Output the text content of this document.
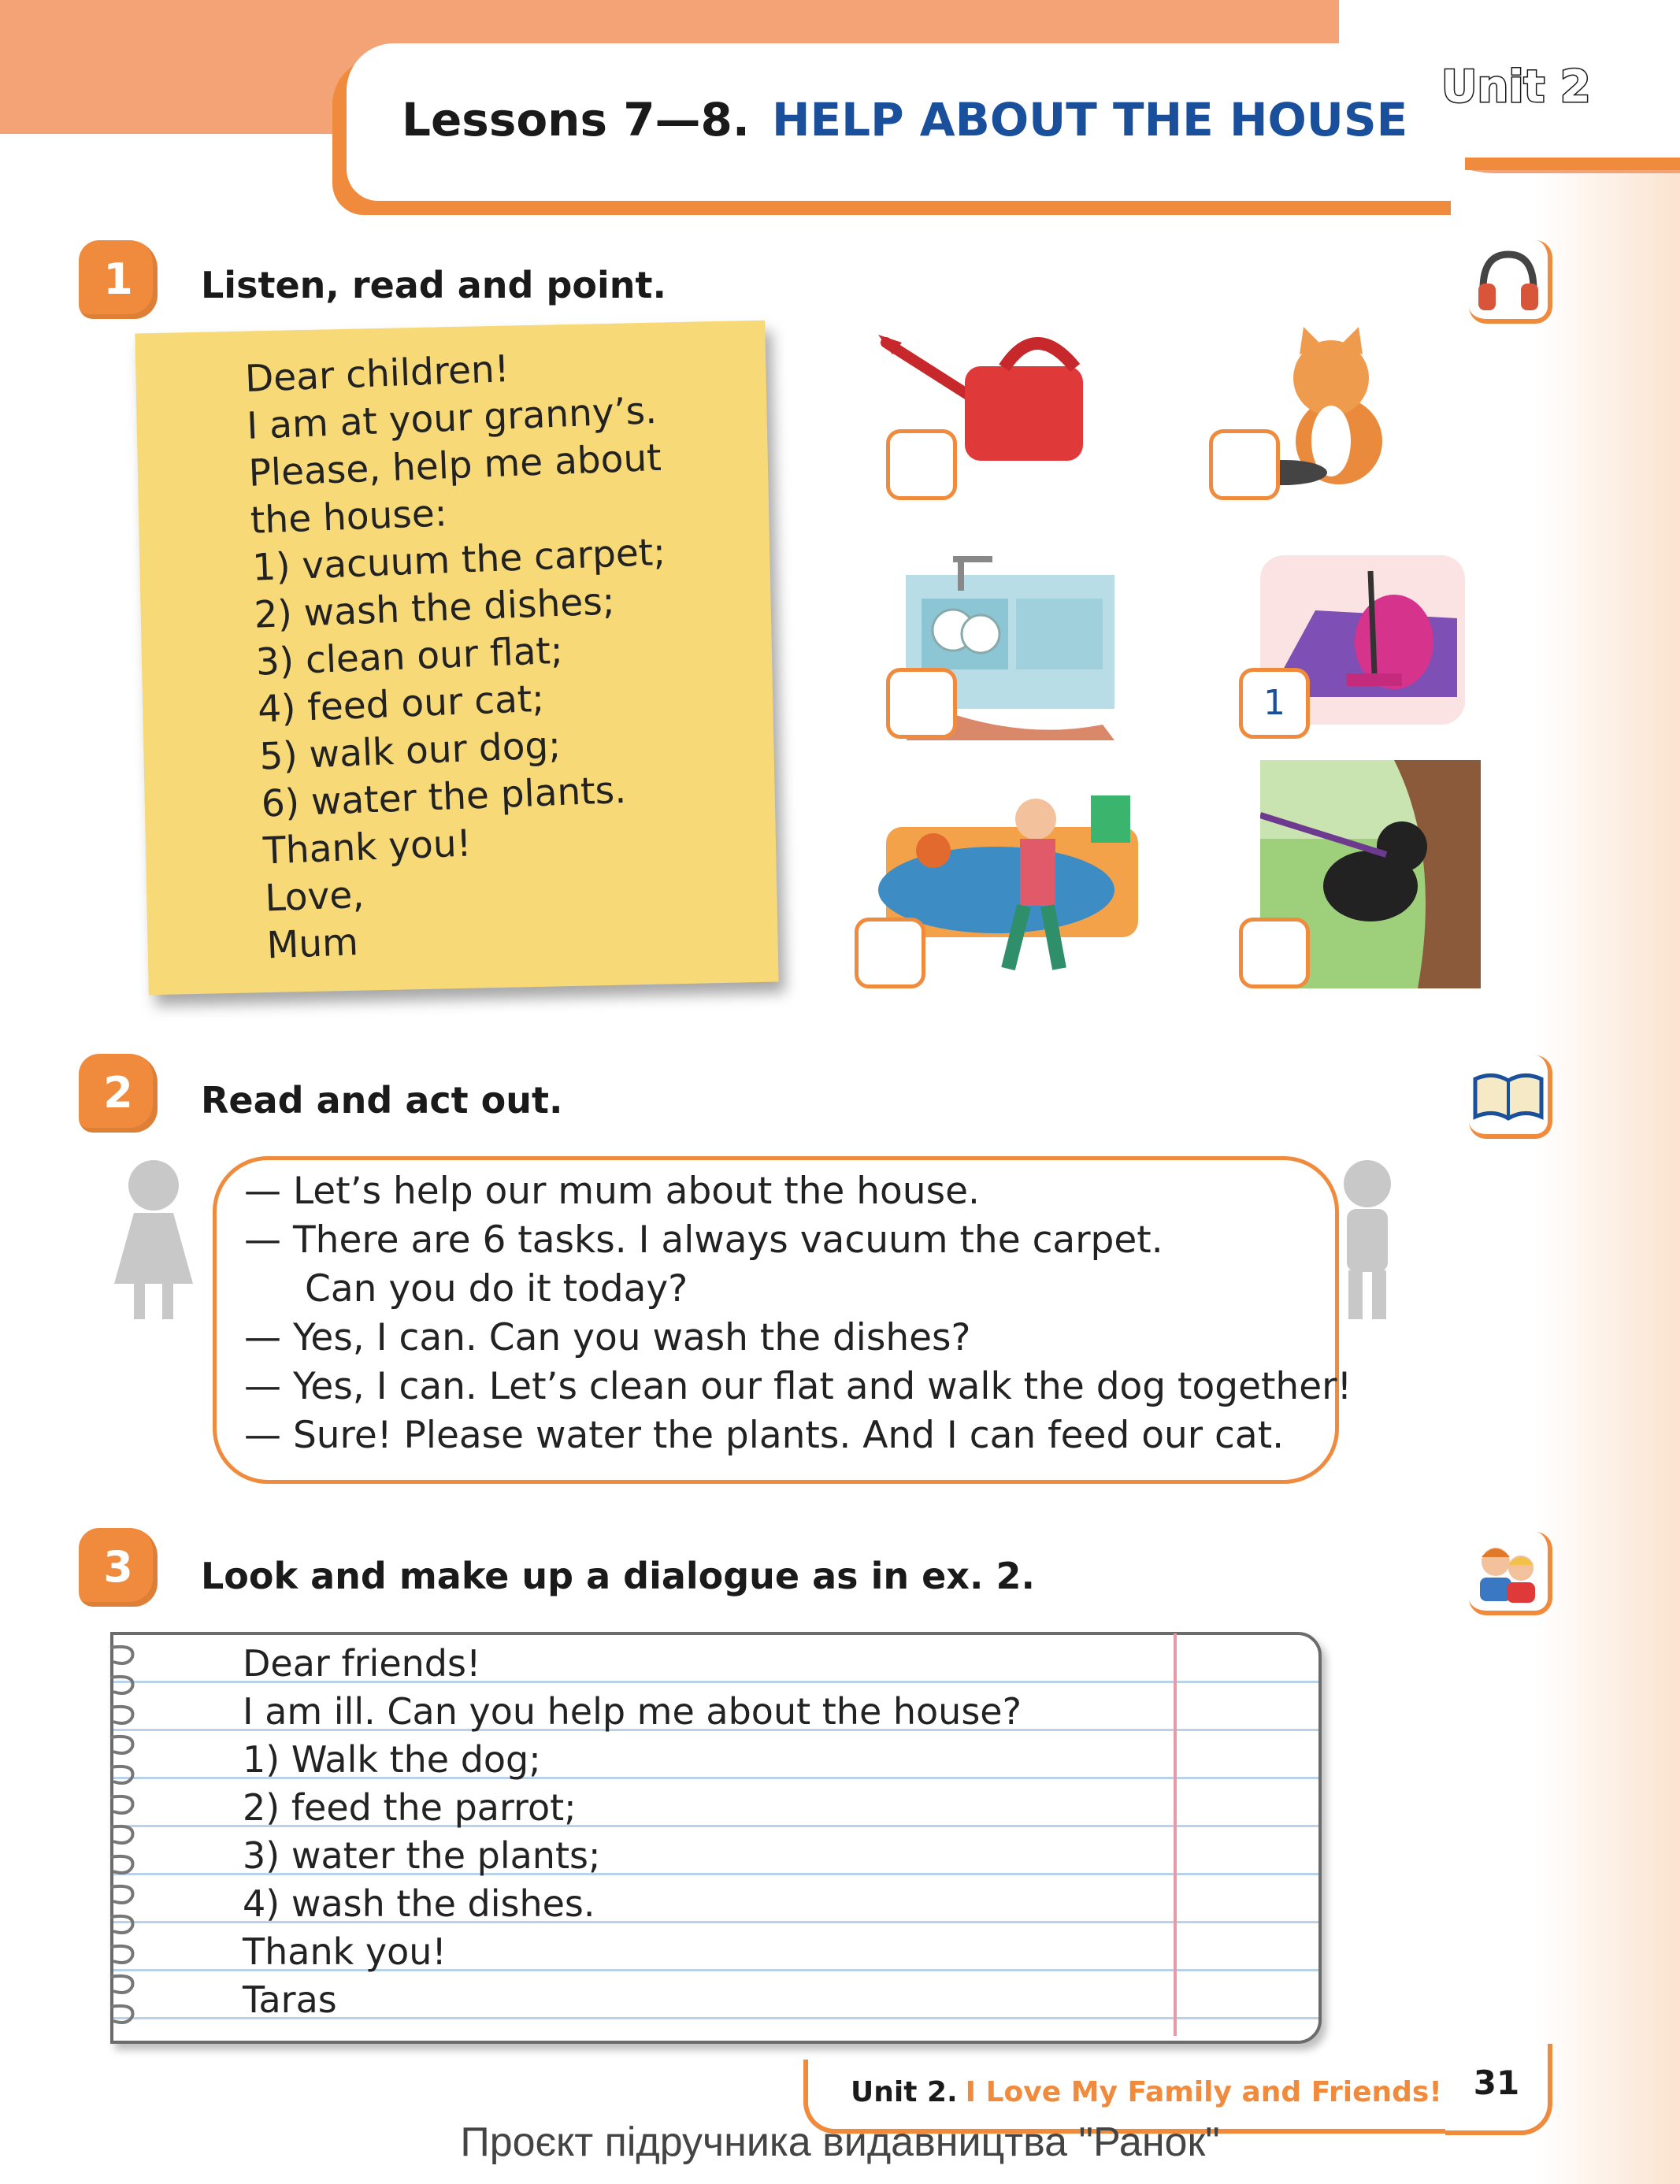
Lessons 7—8. HELP ABOUT THE HOUSE
Unit 2
1	Listen, read and point.
Dear children!
I am at your granny’s.
Please, help me about
the house:
1) vacuum the carpet;
2) wash the dishes;
3) clean our flat;
4) feed our cat;
5) walk our dog;
6) water the plants.
Thank you!
Love,
Mum
1
2	Read and act out.
— Let’s help our mum about the house.
— There are 6 tasks. I always vacuum the carpet.
Can you do it today?
— Yes, I can. Can you wash the dishes?
— Yes, I can. Let’s clean our flat and walk the dog together!
— Sure! Please water the plants. And I can feed our cat.
3	Look and make up a dialogue as in ex. 2.
Dear friends!
I am ill. Can you help me about the house?
1) Walk the dog;
2) feed the parrot;
3) water the plants;
4) wash the dishes.
Thank you!
Taras
Unit 2. I Love My Family and Friends! 31
Проєкт підручника видавництва "Ранок"
